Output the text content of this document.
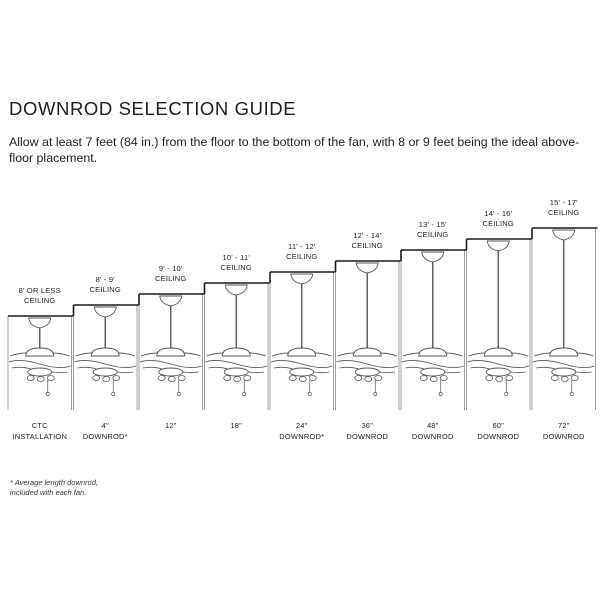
DOWNROD SELECTION GUIDE
Allow at least 7 feet (84 in.) from the floor to the bottom of the fan, with 8 or 9 feet being the ideal above-floor placement.
8' OR LESS
CEILING
CTC
INSTALLATION
8' - 9'
CEILING
4"
DOWNROD*
9' - 10'
CEILING
12"
10' - 11'
CEILING
18"
11' - 12'
CEILING
24"
DOWNROD*
12' - 14'
CEILING
36"
DOWNROD
13' - 15'
CEILING
48"
DOWNROD
14' - 16'
CEILING
60"
DOWNROD
15' - 17'
CEILING
72"
DOWNROD
* Average length downrod,
included with each fan.
